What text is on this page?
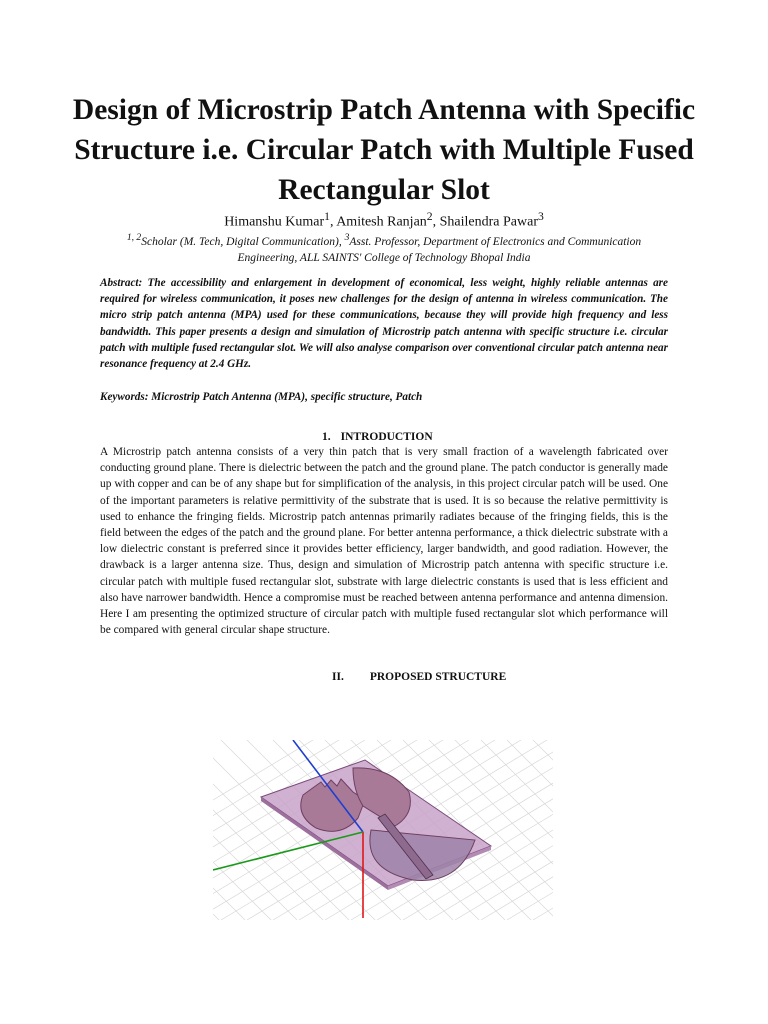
Design of Microstrip Patch Antenna with Specific Structure i.e. Circular Patch with Multiple Fused Rectangular Slot
Himanshu Kumar$^1$, Amitesh Ranjan$^2$, Shailendra Pawar$^3$
$^{1, 2}$Scholar (M. Tech, Digital Communication), $^3$Asst. Professor, Department of Electronics and Communication Engineering, ALL SAINTS' College of Technology Bhopal India

Abstract: The accessibility and enlargement in development of economical, less weight, highly reliable antennas are required for wireless communication, it poses new challenges for the design of antenna in wireless communication. The micro strip patch antenna (MPA) used for these communications, because they will provide high frequency and less bandwidth. This paper presents a design and simulation of Microstrip patch antenna with specific structure i.e. circular patch with multiple fused rectangular slot. We will also analyse comparison over conventional circular patch antenna near resonance frequency at 2.4 GHz.

Keywords: Microstrip Patch Antenna (MPA), specific structure, Patch
1. INTRODUCTION

A Microstrip patch antenna consists of a very thin patch that is very small fraction of a wavelength fabricated over conducting ground plane. There is dielectric between the patch and the ground plane. The patch conductor is generally made up with copper and can be of any shape but for simplification of the analysis, in this project circular patch will be used. One of the important parameters is relative permittivity of the substrate that is used. It is so because the relative permittivity is used to enhance the fringing fields. Microstrip patch antennas primarily radiates because of the fringing fields, this is the field between the edges of the patch and the ground plane. For better antenna performance, a thick dielectric substrate with a low dielectric constant is preferred since it provides better efficiency, larger bandwidth, and good radiation. However, the drawback is a larger antenna size. Thus, design and simulation of Microstrip patch antenna with specific structure i.e. circular patch with multiple fused rectangular slot, substrate with large dielectric constants is used that is less efficient and also have narrower bandwidth. Hence a compromise must be reached between antenna performance and antenna dimension. Here I am presenting the optimized structure of circular patch with multiple fused rectangular slot which performance will be compared with general circular shape structure.

II. PROPOSED STRUCTURE
